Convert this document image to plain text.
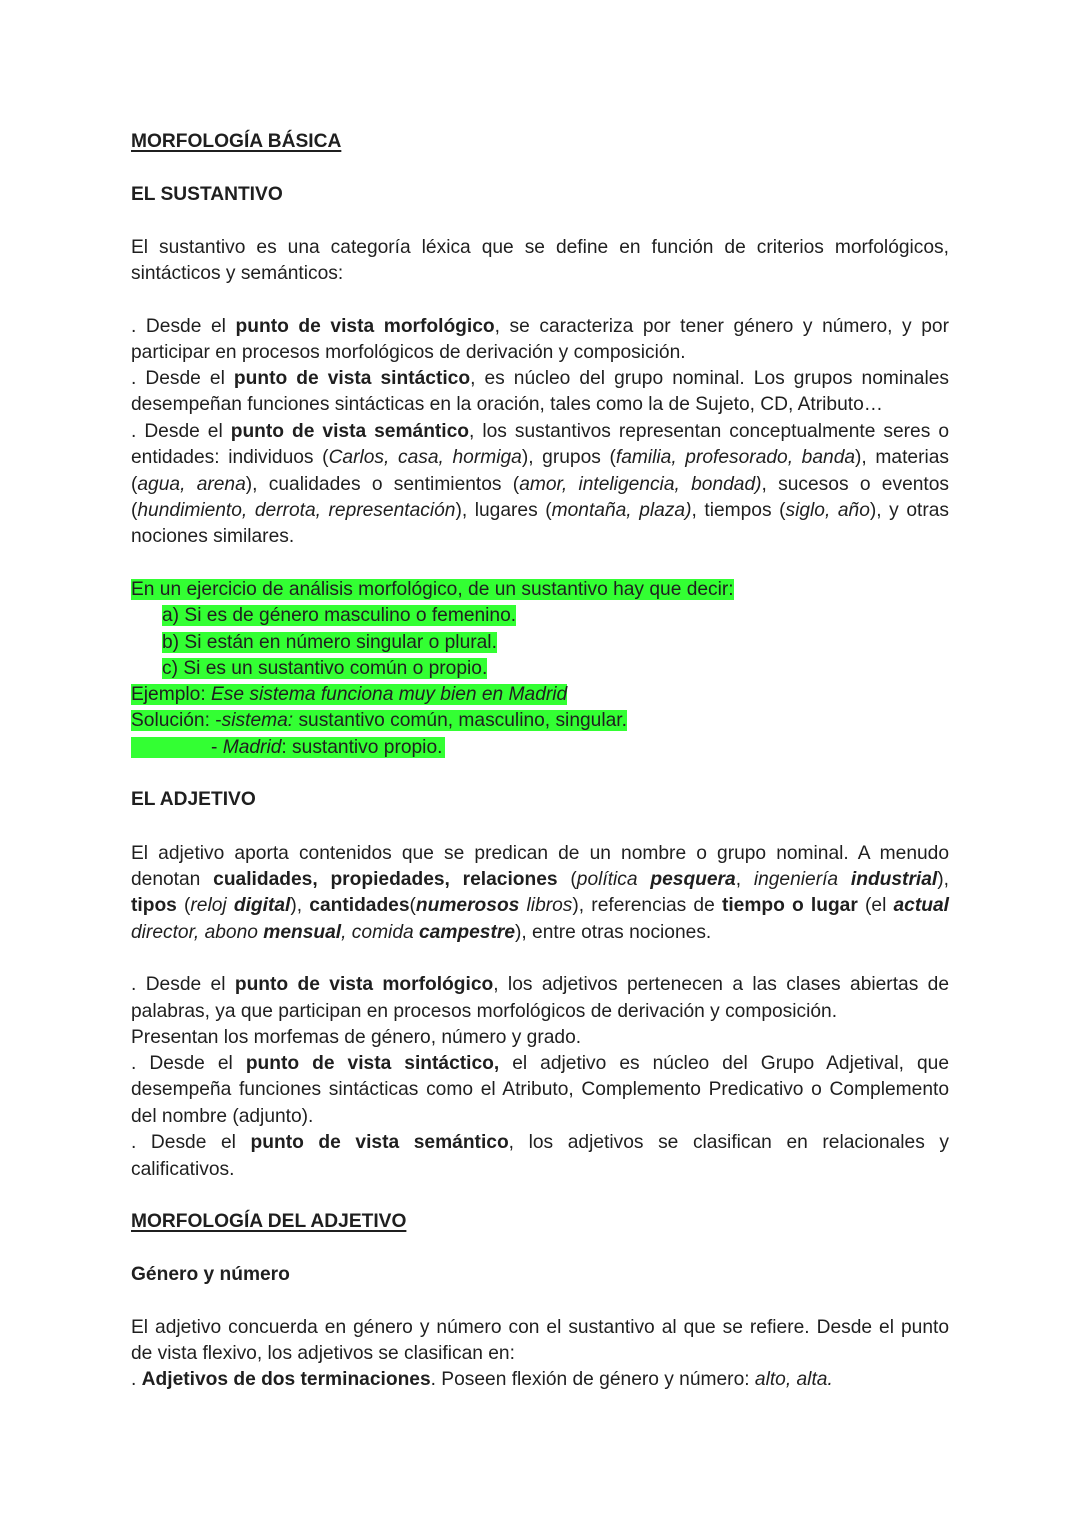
MORFOLOGÍA BÁSICA

EL SUSTANTIVO

El sustantivo es una categoría léxica que se define en función de criterios morfológicos,

sintácticos y semánticos:

. Desde el punto de vista morfológico, se caracteriza por tener género y número, y por

participar en procesos morfológicos de derivación y composición.

. Desde el punto de vista sintáctico, es núcleo del grupo nominal. Los grupos nominales

desempeñan funciones sintácticas en la oración, tales como la de Sujeto, CD, Atributo…

. Desde el punto de vista semántico, los sustantivos representan conceptualmente seres o

entidades: individuos (Carlos, casa, hormiga), grupos (familia, profesorado, banda), materias

(agua, arena), cualidades o sentimientos (amor, inteligencia, bondad), sucesos o eventos

(hundimiento, derrota, representación), lugares (montaña, plaza), tiempos (siglo, año), y otras

nociones similares.

En un ejercicio de análisis morfológico, de un sustantivo hay que decir:

a) Si es de género masculino o femenino.

b) Si están en número singular o plural.

c) Si es un sustantivo común o propio.

Ejemplo: Ese sistema funciona muy bien en Madrid

Solución: -sistema: sustantivo común, masculino, singular.

- Madrid: sustantivo propio.

EL ADJETIVO

El adjetivo aporta contenidos que se predican de un nombre o grupo nominal. A menudo

denotan cualidades, propiedades, relaciones (política pesquera, ingeniería industrial),

tipos (reloj digital), cantidades(numerosos libros), referencias de tiempo o lugar (el actual

director, abono mensual, comida campestre), entre otras nociones.

. Desde el punto de vista morfológico, los adjetivos pertenecen a las clases abiertas de

palabras, ya que participan en procesos morfológicos de derivación y composición.

Presentan los morfemas de género, número y grado.

. Desde el punto de vista sintáctico, el adjetivo es núcleo del Grupo Adjetival, que

desempeña funciones sintácticas como el Atributo, Complemento Predicativo o Complemento

del nombre (adjunto).

. Desde el punto de vista semántico, los adjetivos se clasifican en relacionales y

calificativos.

MORFOLOGÍA DEL ADJETIVO

Género y número

El adjetivo concuerda en género y número con el sustantivo al que se refiere. Desde el punto

de vista flexivo, los adjetivos se clasifican en:

. Adjetivos de dos terminaciones. Poseen flexión de género y número: alto, alta.
